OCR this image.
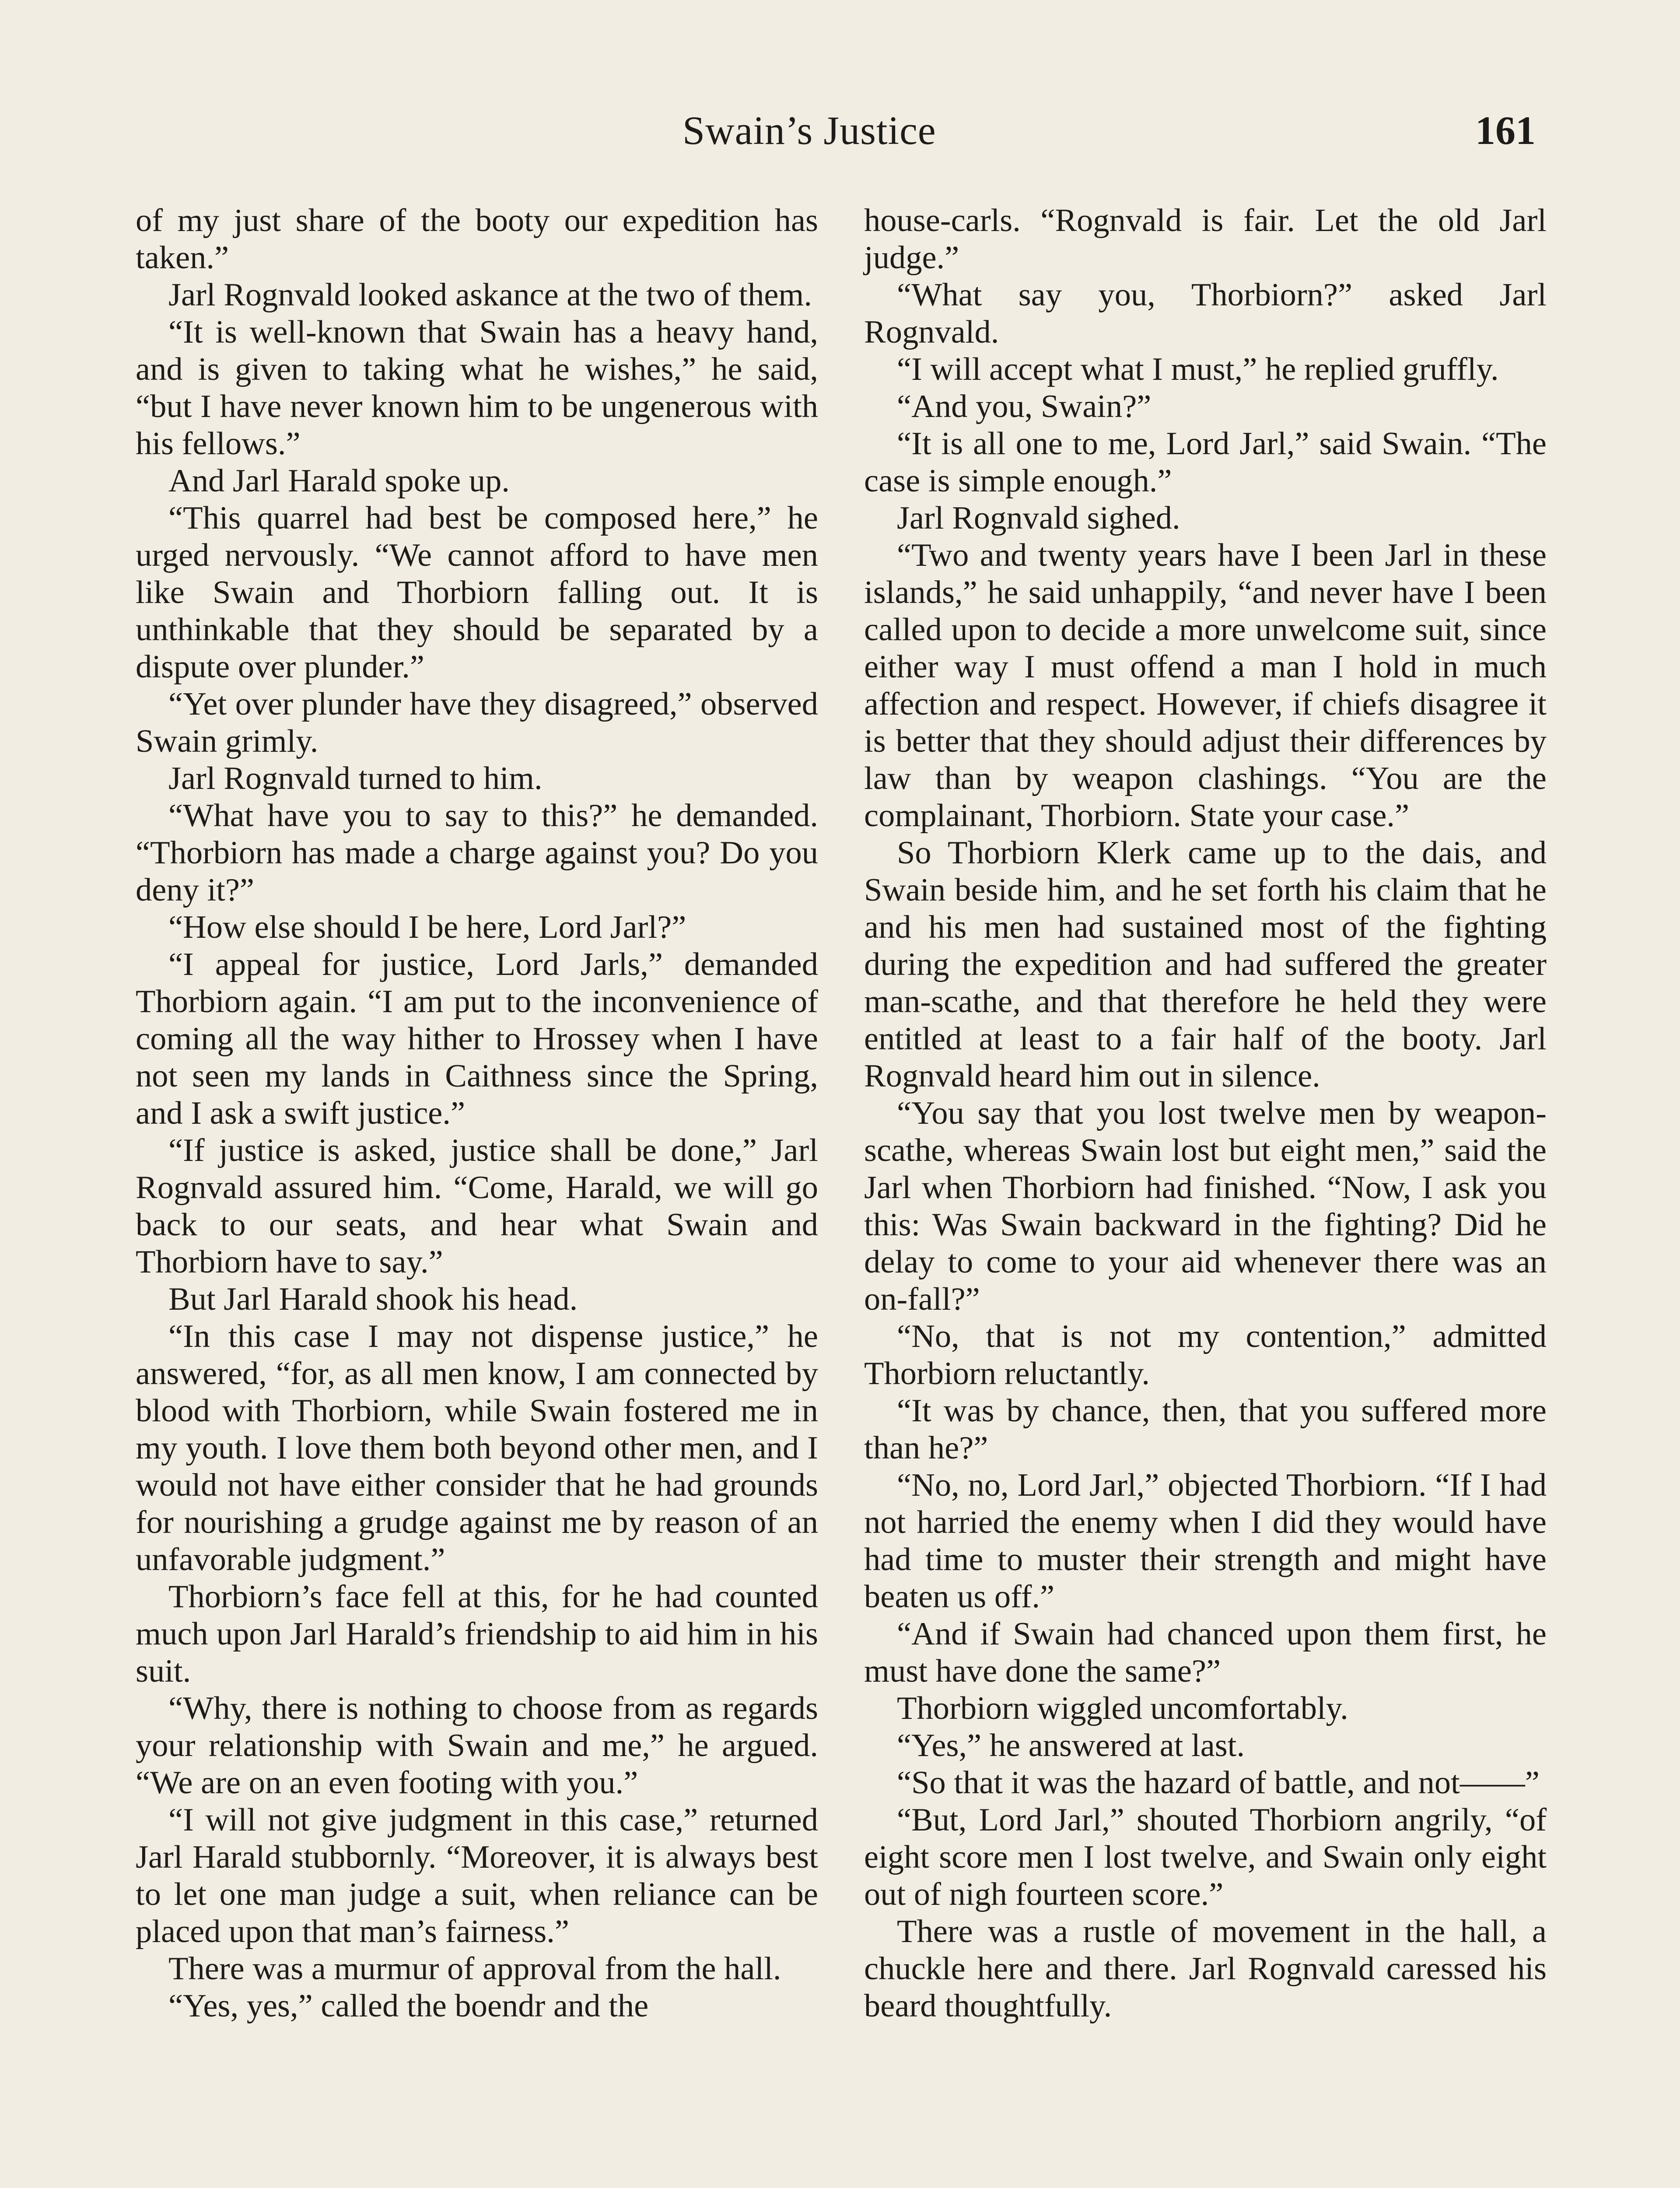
Swain’s Justice	161

of my just share of the booty our expedition has taken.”

Jarl Rognvald looked askance at the two of them.

“It is well-known that Swain has a heavy hand, and is given to taking what he wishes,” he said, “but I have never known him to be ungenerous with his fellows.”

And Jarl Harald spoke up.

“This quarrel had best be composed here,” he urged nervously. “We cannot afford to have men like Swain and Thorbiorn falling out. It is unthinkable that they should be separated by a dispute over plunder.”

“Yet over plunder have they disagreed,” observed Swain grimly.

Jarl Rognvald turned to him.

“What have you to say to this?” he demanded. “Thorbiorn has made a charge against you? Do you deny it?”

“How else should I be here, Lord Jarl?”

“I appeal for justice, Lord Jarls,” demanded Thorbiorn again. “I am put to the inconvenience of coming all the way hither to Hrossey when I have not seen my lands in Caithness since the Spring, and I ask a swift justice.”

“If justice is asked, justice shall be done,” Jarl Rognvald assured him. “Come, Harald, we will go back to our seats, and hear what Swain and Thorbiorn have to say.”

But Jarl Harald shook his head.

“In this case I may not dispense justice,” he answered, “for, as all men know, I am connected by blood with Thorbiorn, while Swain fostered me in my youth. I love them both beyond other men, and I would not have either consider that he had grounds for nourishing a grudge against me by reason of an unfavorable judgment.”

Thorbiorn’s face fell at this, for he had counted much upon Jarl Harald’s friendship to aid him in his suit.

“Why, there is nothing to choose from as regards your relationship with Swain and me,” he argued. “We are on an even footing with you.”

“I will not give judgment in this case,” returned Jarl Harald stubbornly. “Moreover, it is always best to let one man judge a suit, when reliance can be placed upon that man’s fairness.”

There was a murmur of approval from the hall.

“Yes, yes,” called the boendr and the

house-carls. “Rognvald is fair. Let the old Jarl judge.”

“What say you, Thorbiorn?” asked Jarl Rognvald.

“I will accept what I must,” he replied gruffly.

“And you, Swain?”

“It is all one to me, Lord Jarl,” said Swain. “The case is simple enough.”

Jarl Rognvald sighed.

“Two and twenty years have I been Jarl in these islands,” he said unhappily, “and never have I been called upon to decide a more unwelcome suit, since either way I must offend a man I hold in much affection and respect. However, if chiefs disagree it is better that they should adjust their differences by law than by weapon clashings. “You are the complainant, Thorbiorn. State your case.”

So Thorbiorn Klerk came up to the dais, and Swain beside him, and he set forth his claim that he and his men had sustained most of the fighting during the expedition and had suffered the greater man-scathe, and that therefore he held they were entitled at least to a fair half of the booty. Jarl Rognvald heard him out in silence.

“You say that you lost twelve men by weapon-scathe, whereas Swain lost but eight men,” said the Jarl when Thorbiorn had finished. “Now, I ask you this: Was Swain backward in the fighting? Did he delay to come to your aid whenever there was an on-fall?”

“No, that is not my contention,” admitted Thorbiorn reluctantly.

“It was by chance, then, that you suffered more than he?”

“No, no, Lord Jarl,” objected Thorbiorn. “If I had not harried the enemy when I did they would have had time to muster their strength and might have beaten us off.”

“And if Swain had chanced upon them first, he must have done the same?”

Thorbiorn wiggled uncomfortably.

“Yes,” he answered at last.

“So that it was the hazard of battle, and not——”

“But, Lord Jarl,” shouted Thorbiorn angrily, “of eight score men I lost twelve, and Swain only eight out of nigh fourteen score.”

There was a rustle of movement in the hall, a chuckle here and there. Jarl Rognvald caressed his beard thoughtfully.
